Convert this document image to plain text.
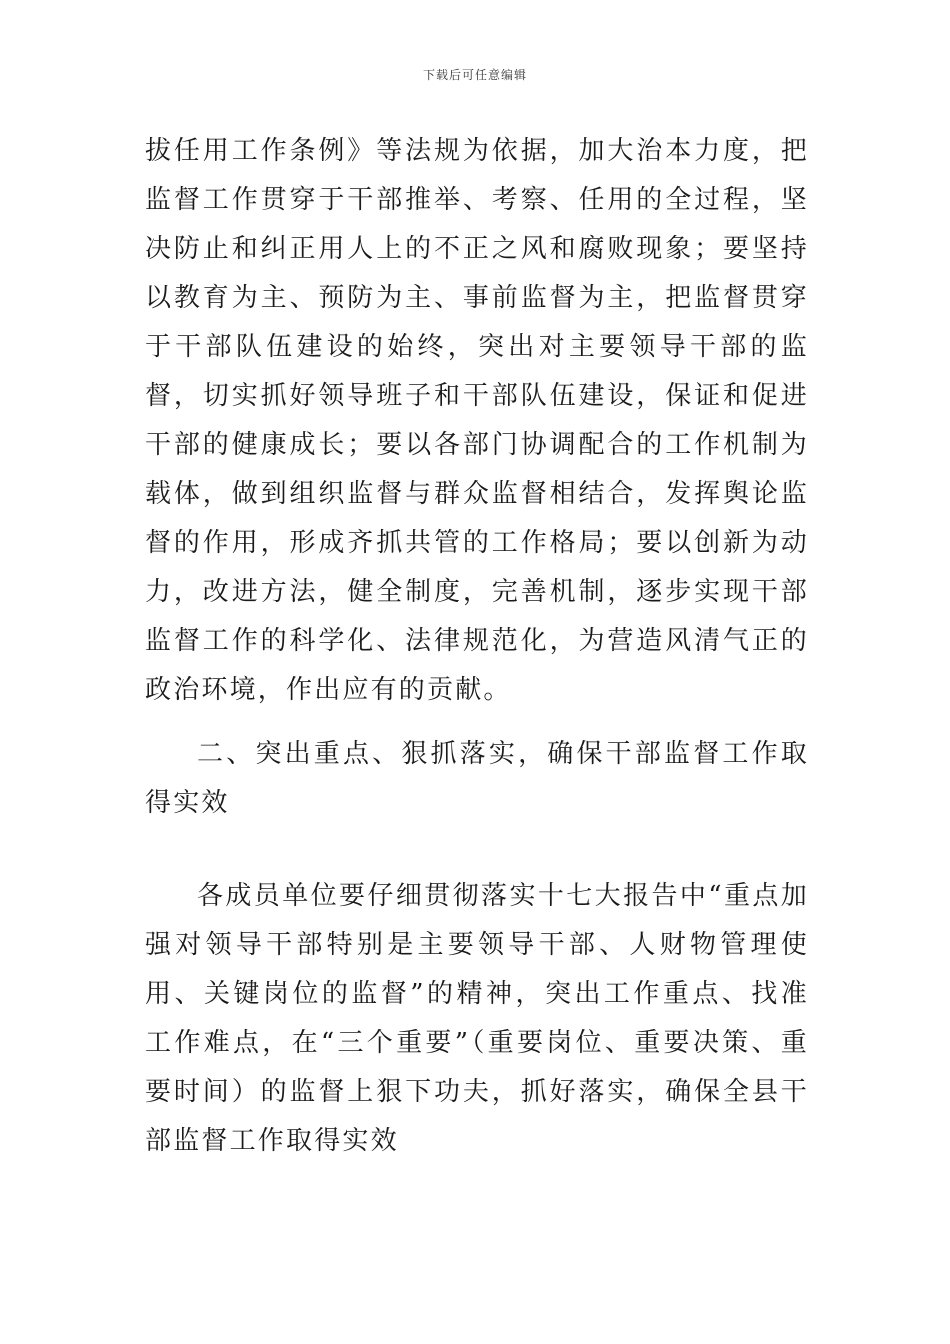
下载后可任意编辑

拔任用工作条例》等法规为依据，加大治本力度，把监督工作贯穿于干部推举、考察、任用的全过程，坚决防止和纠正用人上的不正之风和腐败现象；要坚持以教育为主、预防为主、事前监督为主，把监督贯穿于干部队伍建设的始终，突出对主要领导干部的监督，切实抓好领导班子和干部队伍建设，保证和促进干部的健康成长；要以各部门协调配合的工作机制为载体，做到组织监督与群众监督相结合，发挥舆论监督的作用，形成齐抓共管的工作格局；要以创新为动力，改进方法，健全制度，完善机制，逐步实现干部监督工作的科学化、法律规范化，为营造风清气正的政治环境，作出应有的贡献。

二、突出重点、狠抓落实，确保干部监督工作取得实效

各成员单位要仔细贯彻落实十七大报告中“重点加强对领导干部特别是主要领导干部、人财物管理使用、关键岗位的监督”的精神，突出工作重点、找准工作难点，在“三个重要”（重要岗位、重要决策、重要时间）的监督上狠下功夫，抓好落实，确保全县干部监督工作取得实效
